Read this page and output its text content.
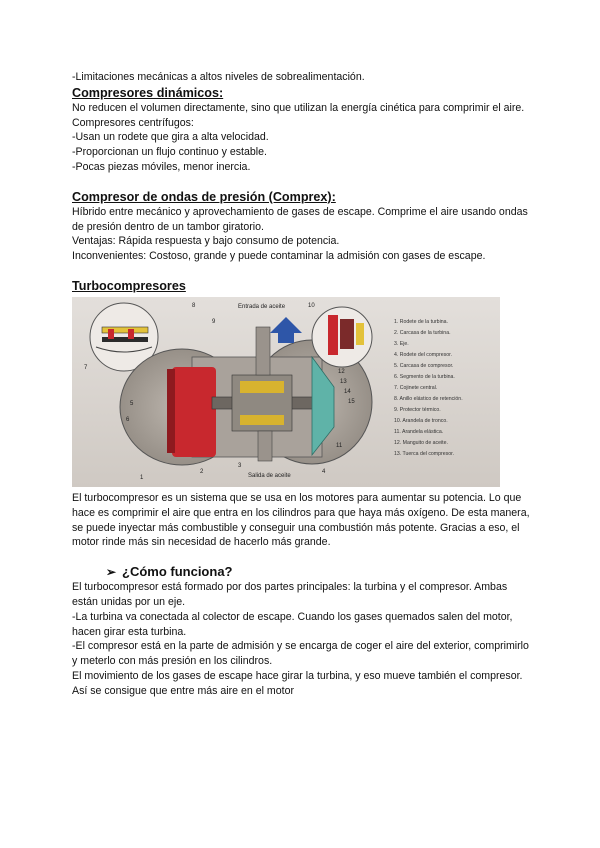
-Limitaciones mecánicas a altos niveles de sobrealimentación.

Compresores dinámicos:

No reducen el volumen directamente, sino que utilizan la energía cinética para comprimir el aire.

Compresores centrífugos:

-Usan un rodete que gira a alta velocidad.

-Proporcionan un flujo continuo y estable.

-Pocas piezas móviles, menor inercia.

Compresor de ondas de presión (Comprex):

Híbrido entre mecánico y aprovechamiento de gases de escape. Comprime el aire usando ondas de presión dentro de un tambor giratorio.

Ventajas: Rápida respuesta y bajo consumo de potencia.

Inconvenientes: Costoso, grande y puede contaminar la admisión con gases de escape.

Turbocompresores
Entrada de aceite
Salida de aceite
8
7
9
10
1
6
5
2
3
4
11
12
13
14
15
1. Rodete de la turbina.
2. Carcasa de la turbina.
3. Eje.
4. Rodete del compresor.
5. Carcasa de compresor.
6. Segmento de la turbina.
7. Cojinete central.
8. Anillo elástico de retención.
9. Protector térmico.
10. Arandela de tronco.
11. Arandela elástica.
12. Manguito de aceite.
13. Tuerca del compresor.

El turbocompresor es un sistema que se usa en los motores para aumentar su potencia. Lo que hace es comprimir el aire que entra en los cilindros para que haya más oxígeno. De esta manera, se puede inyectar más combustible y conseguir una combustión más potente. Gracias a eso, el motor rinde más sin necesidad de hacerlo más grande.

➢ ¿Cómo funciona?

El turbocompresor está formado por dos partes principales: la turbina y el compresor. Ambas están unidas por un eje.

-La turbina va conectada al colector de escape. Cuando los gases quemados salen del motor, hacen girar esta turbina.

-El compresor está en la parte de admisión y se encarga de coger el aire del exterior, comprimirlo y meterlo con más presión en los cilindros.

El movimiento de los gases de escape hace girar la turbina, y eso mueve también el compresor. Así se consigue que entre más aire en el motor
